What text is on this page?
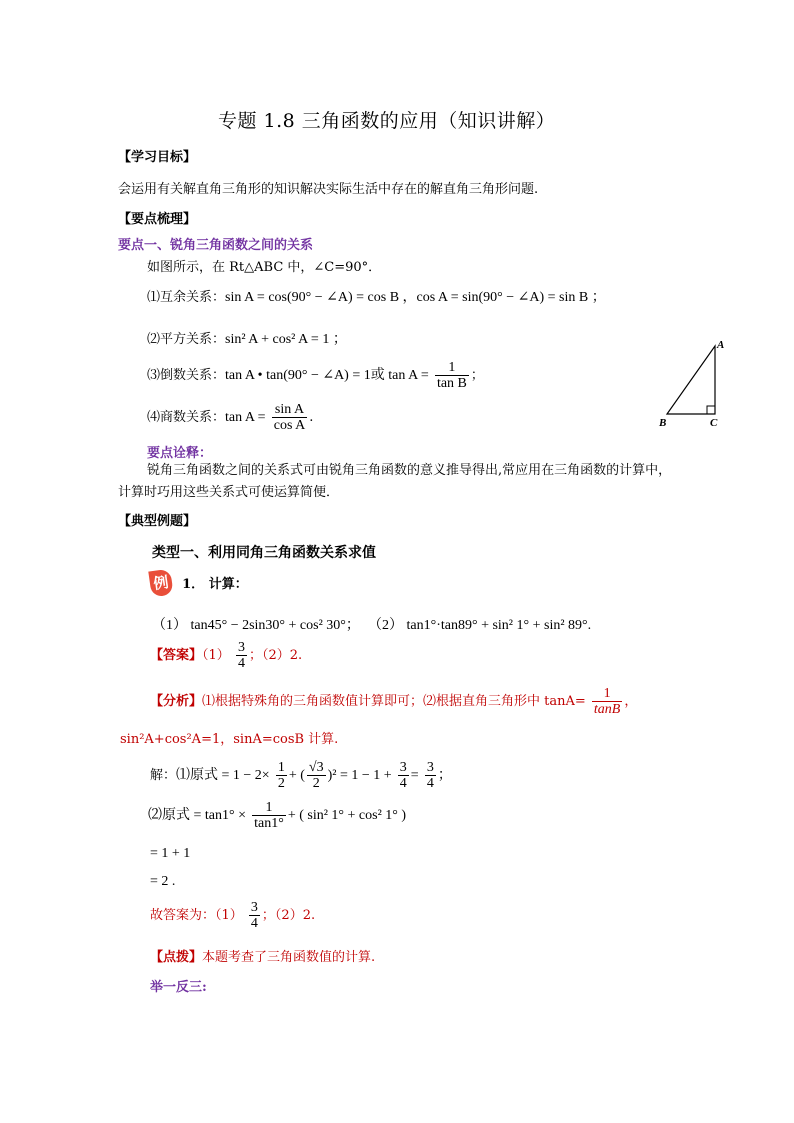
专题 1.8 三角函数的应用（知识讲解）
【学习目标】
会运用有关解直角三角形的知识解决实际生活中存在的解直角三角形问题.
【要点梳理】
要点一、锐角三角函数之间的关系
如图所示，在 Rt△ABC 中，∠C=90°．
⑴互余关系：sin A = cos(90° − ∠A) = cos B ，cos A = sin(90° − ∠A) = sin B ；
⑵平方关系：sin² A + cos² A = 1 ；
⑶倒数关系：tan A • tan(90° − ∠A) = 1或 $\tan A = \frac{1}{\text{tan B}}$ ；
⑷商数关系：$\tan A = \frac{\text{sin A}}{\text{cos A}}$ .
A
B	C
要点诠释：
锐角三角函数之间的关系式可由锐角三角函数的意义推导得出,常应用在三角函数的计算中，计算时巧用这些关系式可使运算简便．
【典型例题】
类型一、利用同角三角函数关系求值
例 1． 计算：
（1） tan45° − 2sin30° + cos² 30°； （2） tan1°·tan89° + sin² 1° + sin² 89°.
【答案】$(1) \frac{3}{4}$ ；（2）2.
【分析】⑴根据特殊角的三角函数值计算即可；⑵根据直角三角形中 $\tan A= \frac{1}{\tan B}$ ，
sin²A+cos²A=1，sinA=cosB 计算.
解：⑴原式 = $1 - 2\times \frac{1}{2}$ + ( $\frac{√3}{2} )^2 = 1 - 1 + \frac{3}{4} = \frac{3}{4}$ ；
⑵原式 = $\tan 1^\circ \times \frac{1}{\tan 1^\circ}$ + ( sin² 1° + cos² 1° )
= 1 + 1
= 2 .
故答案为：$(1) \frac{3}{4}$ ；（2）2.
【点拨】本题考查了三角函数值的计算.
举一反三:
